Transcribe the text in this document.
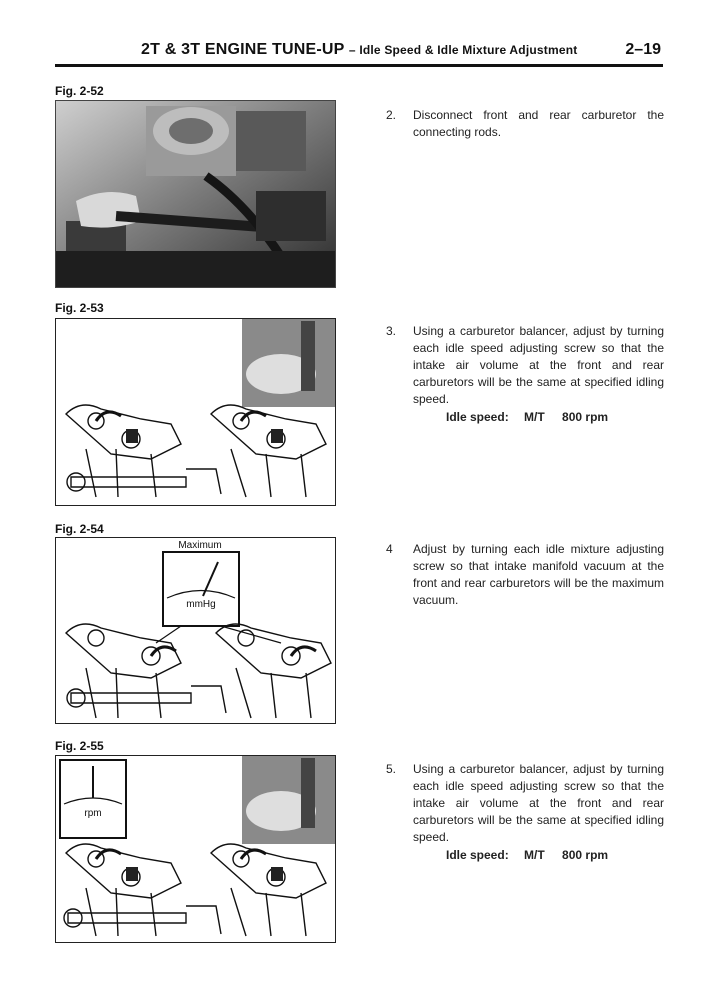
2T & 3T ENGINE TUNE-UP – Idle Speed & Idle Mixture Adjustment	2–19
Fig. 2-52
2. Disconnect front and rear carburetor the connecting rods.
Fig. 2-53
3. Using a carburetor balancer, adjust by turning each idle speed adjusting screw so that the intake air volume at the front and rear carburetors will be the same at specified idling speed.
Idle speed: M/T 800 rpm
Fig. 2-54
Maximum
mmHg
4 Adjust by turning each idle mixture adjusting screw so that intake manifold vacuum at the front and rear carburetors will be the maximum vacuum.
Fig. 2-55
rpm
5. Using a carburetor balancer, adjust by turning each idle speed adjusting screw so that the intake air volume at the front and rear carburetors will be the same at specified idling speed.
Idle speed: M/T 800 rpm
